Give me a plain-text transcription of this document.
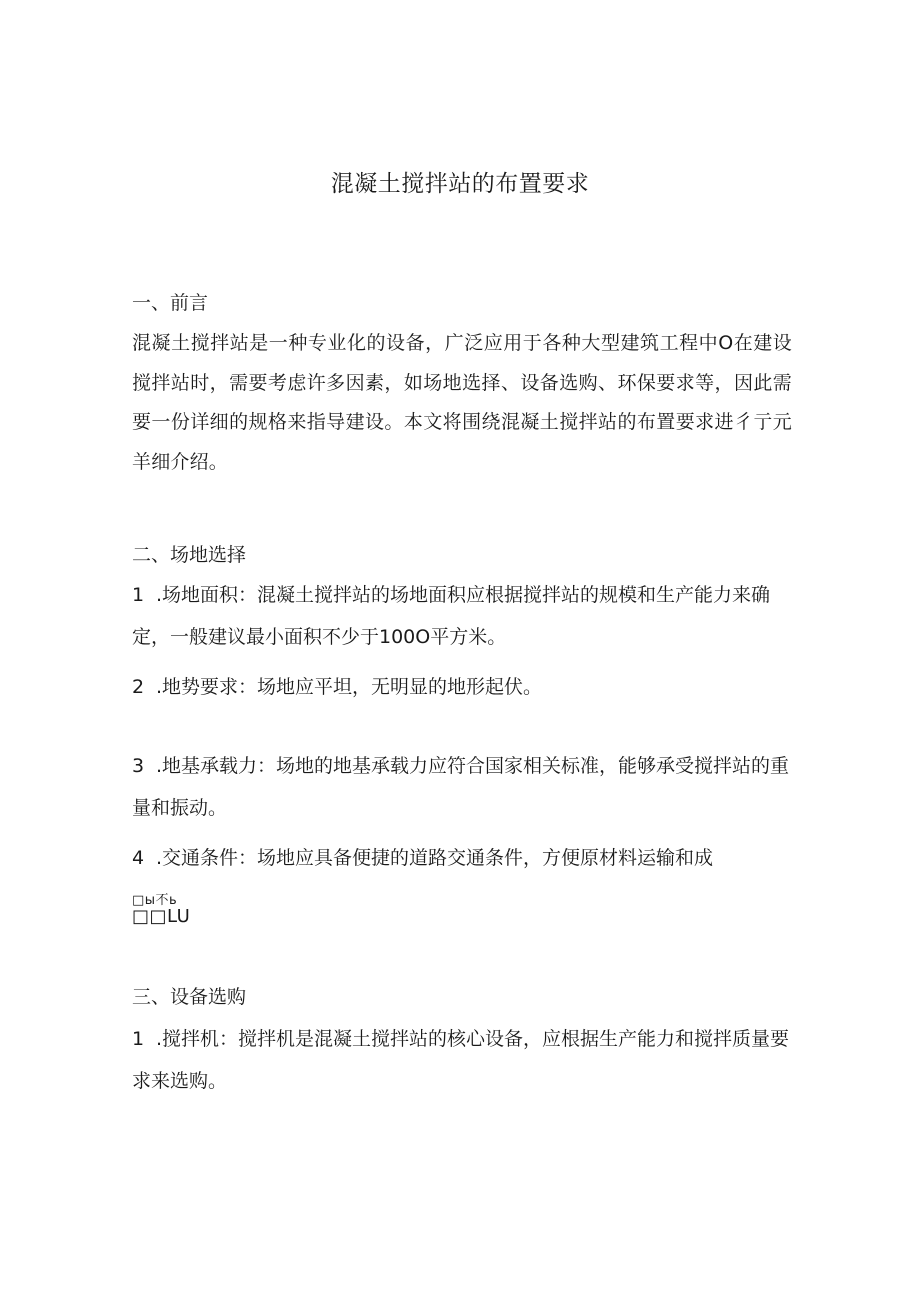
混凝土搅拌站的布置要求
一、前言
混凝土搅拌站是一种专业化的设备，广泛应用于各种大型建筑工程中O在建设搅拌站时，需要考虑许多因素，如场地选择、设备选购、环保要求等，因此需要一份详细的规格来指导建设。本文将围绕混凝土搅拌站的布置要求进彳亍元羊细介绍。
二、场地选择
1 .场地面积：混凝土搅拌站的场地面积应根据搅拌站的规模和生产能力来确定，一般建议最小面积不少于100O平方米。
2 .地势要求：场地应平坦，无明显的地形起伏。
3 .地基承载力：场地的地基承载力应符合国家相关标准，能够承受搅拌站的重量和振动。
4 .交通条件：场地应具备便捷的道路交通条件，方便原材料运输和成
□ы不ь
□□LU
三、设备选购
1 .搅拌机：搅拌机是混凝土搅拌站的核心设备，应根据生产能力和搅拌质量要求来选购。
